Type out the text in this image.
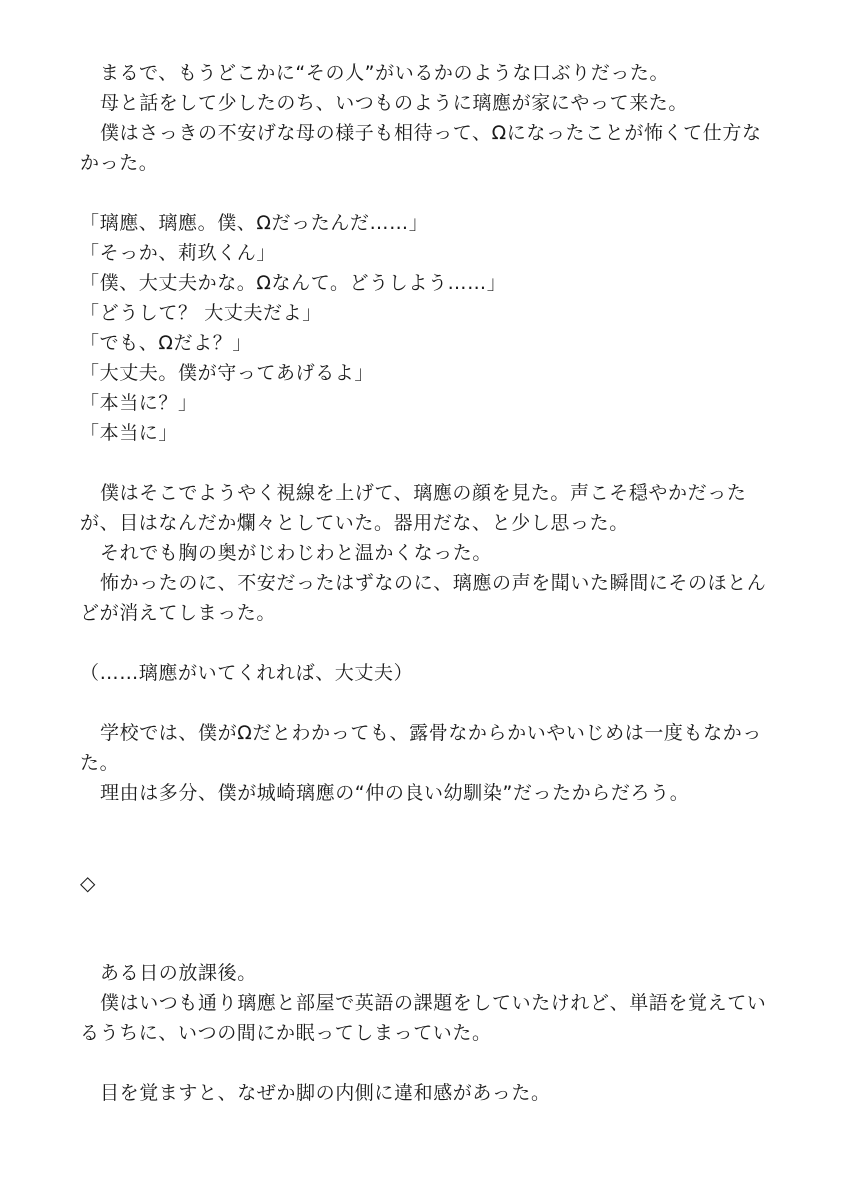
まるで、もうどこかに“その人”がいるかのような口ぶりだった。

母と話をして少したのち、いつものように璃應が家にやって来た。

僕はさっきの不安げな母の様子も相待って、Ωになったことが怖くて仕方なかった。

「璃應、璃應。僕、Ωだったんだ……」

「そっか、莉玖くん」

「僕、大丈夫かな。Ωなんて。どうしよう……」

「どうして？ 大丈夫だよ」

「でも、Ωだよ？」

「大丈夫。僕が守ってあげるよ」

「本当に？」

「本当に」

僕はそこでようやく視線を上げて、璃應の顔を見た。声こそ穏やかだったが、目はなんだか爛々としていた。器用だな、と少し思った。

それでも胸の奥がじわじわと温かくなった。

怖かったのに、不安だったはずなのに、璃應の声を聞いた瞬間にそのほとんどが消えてしまった。

（……璃應がいてくれれば、大丈夫）

学校では、僕がΩだとわかっても、露骨なからかいやいじめは一度もなかった。

理由は多分、僕が城崎璃應の“仲の良い幼馴染”だったからだろう。

◇

ある日の放課後。

僕はいつも通り璃應と部屋で英語の課題をしていたけれど、単語を覚えているうちに、いつの間にか眠ってしまっていた。

目を覚ますと、なぜか脚の内側に違和感があった。
